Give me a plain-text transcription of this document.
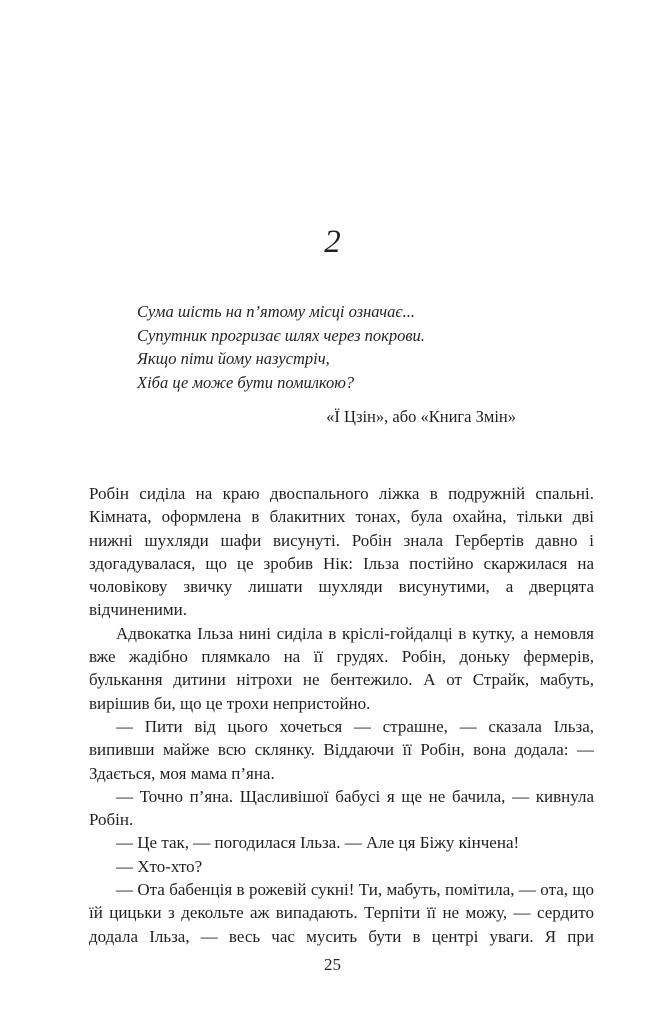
2
Сума шість на п’ятому місці означає...
Супутник прогризає шлях через покрови.
Якщо піти йому назустріч,
Хіба це може бути помилкою?
«Ї Цзін», або «Книга Змін»

Робін сиділа на краю двоспального ліжка в подружній спальні. Кімната, оформлена в блакитних тонах, була охайна, тільки дві нижні шухляди шафи висунуті. Робін знала Гербертів давно і здогадувалася, що це зробив Нік: Ільза постійно скаржилася на чоловікову звичку лишати шухляди висунутими, а дверцята відчиненими.

Адвокатка Ільза нині сиділа в кріслі-гойдалці в кутку, а немовля вже жадібно плямкало на її грудях. Робін, доньку фермерів, булькання дитини нітрохи не бентежило. А от Страйк, мабуть, вирішив би, що це трохи непристойно.

— Пити від цього хочеться — страшне, — сказала Ільза, випивши майже всю склянку. Віддаючи її Робін, вона додала: — Здається, моя мама п’яна.

— Точно п’яна. Щасливішої бабусі я ще не бачила, — кивнула Робін.

— Це так, — погодилася Ільза. — Але ця Біжу кінчена!

— Хто-хто?

— Ота бабенція в рожевій сукні! Ти, мабуть, помітила, — ота, що їй цицьки з декольте аж випадають. Терпіти її не можу, — сердито додала Ільза, — весь час мусить бути в центрі уваги. Я при

25
